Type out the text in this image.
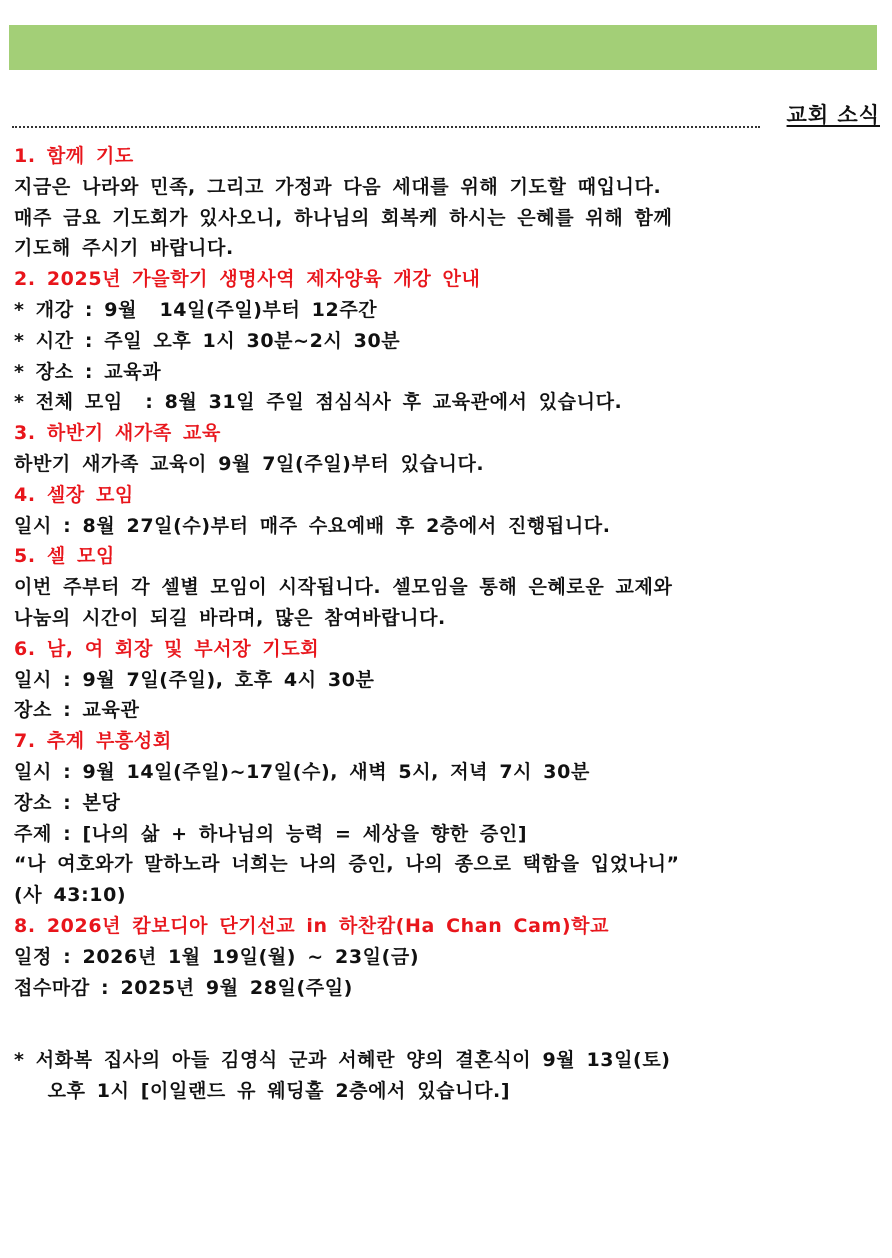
교회 소식
1. 함께 기도
지금은 나라와 민족, 그리고 가정과 다음 세대를 위해 기도할 때입니다.
매주 금요 기도회가 있사오니, 하나님의 회복케 하시는 은혜를 위해 함께
기도해 주시기 바랍니다.
2. 2025년 가을학기 생명사역 제자양육 개강 안내
* 개강 : 9월  14일(주일)부터 12주간
* 시간 : 주일 오후 1시 30분~2시 30분
* 장소 : 교육과
* 전체 모임  : 8월 31일 주일 점심식사 후 교육관에서 있습니다.
3. 하반기 새가족 교육
하반기 새가족 교육이 9월 7일(주일)부터 있습니다.
4. 셀장 모임
일시 : 8월 27일(수)부터 매주 수요예배 후 2층에서 진행됩니다.
5. 셀 모임
이번 주부터 각 셀별 모임이 시작됩니다. 셀모임을 통해 은혜로운 교제와
나눔의 시간이 되길 바라며, 많은 참여바랍니다.
6. 남, 여 회장 및 부서장 기도회
일시 : 9월 7일(주일), 호후 4시 30분
장소 : 교육관
7. 추계 부흥성회
일시 : 9월 14일(주일)~17일(수), 새벽 5시, 저녁 7시 30분
장소 : 본당
주제 : [나의 삶 + 하나님의 능력 = 세상을 향한 증인]
“나 여호와가 말하노라 너희는 나의 증인, 나의 종으로 택함을 입었나니”
(사 43:10)
8. 2026년 캄보디아 단기선교 in 하찬캄(Ha Chan Cam)학교
일정 : 2026년 1월 19일(월) ~ 23일(금)
접수마감 : 2025년 9월 28일(주일)
* 서화복 집사의 아들 김영식 군과 서혜란 양의 결혼식이 9월 13일(토)
오후 1시 [이일랜드 유 웨딩홀 2층에서 있습니다.]
